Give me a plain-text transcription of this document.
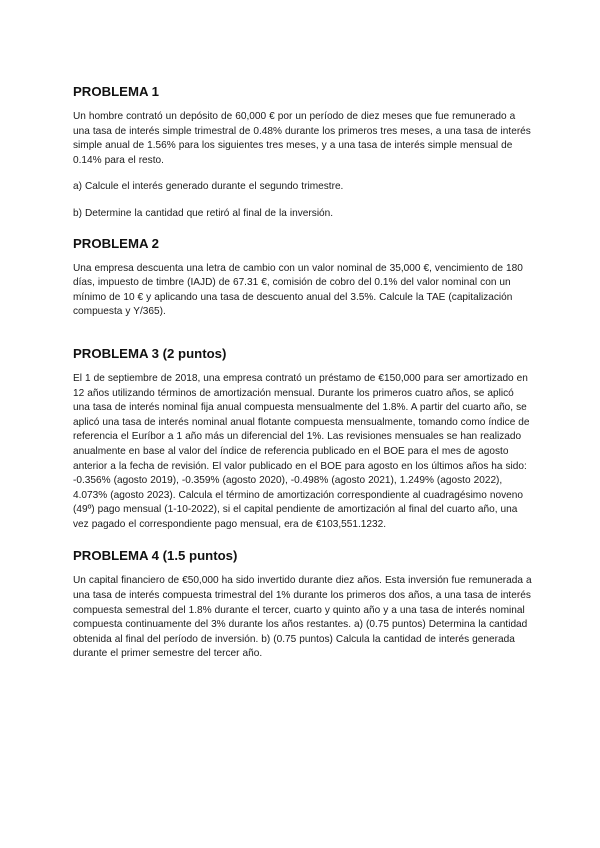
PROBLEMA 1

Un hombre contrató un depósito de 60,000 € por un período de diez meses que fue remunerado a una tasa de interés simple trimestral de 0.48% durante los primeros tres meses, a una tasa de interés simple anual de 1.56% para los siguientes tres meses, y a una tasa de interés simple mensual de 0.14% para el resto.

a) Calcule el interés generado durante el segundo trimestre.

b) Determine la cantidad que retiró al final de la inversión.

PROBLEMA 2

Una empresa descuenta una letra de cambio con un valor nominal de 35,000 €, vencimiento de 180 días, impuesto de timbre (IAJD) de 67.31 €, comisión de cobro del 0.1% del valor nominal con un mínimo de 10 € y aplicando una tasa de descuento anual del 3.5%. Calcule la TAE (capitalización compuesta y Y/365).

PROBLEMA 3 (2 puntos)

El 1 de septiembre de 2018, una empresa contrató un préstamo de €150,000 para ser amortizado en 12 años utilizando términos de amortización mensual. Durante los primeros cuatro años, se aplicó una tasa de interés nominal fija anual compuesta mensualmente del 1.8%. A partir del cuarto año, se aplicó una tasa de interés nominal anual flotante compuesta mensualmente, tomando como índice de referencia el Euríbor a 1 año más un diferencial del 1%. Las revisiones mensuales se han realizado anualmente en base al valor del índice de referencia publicado en el BOE para el mes de agosto anterior a la fecha de revisión. El valor publicado en el BOE para agosto en los últimos años ha sido: -0.356% (agosto 2019), -0.359% (agosto 2020), -0.498% (agosto 2021), 1.249% (agosto 2022), 4.073% (agosto 2023). Calcula el término de amortización correspondiente al cuadragésimo noveno (49º) pago mensual (1-10-2022), si el capital pendiente de amortización al final del cuarto año, una vez pagado el correspondiente pago mensual, era de €103,551.1232.

PROBLEMA 4 (1.5 puntos)

Un capital financiero de €50,000 ha sido invertido durante diez años. Esta inversión fue remunerada a una tasa de interés compuesta trimestral del 1% durante los primeros dos años, a una tasa de interés compuesta semestral del 1.8% durante el tercer, cuarto y quinto año y a una tasa de interés nominal compuesta continuamente del 3% durante los años restantes. a) (0.75 puntos) Determina la cantidad obtenida al final del período de inversión. b) (0.75 puntos) Calcula la cantidad de interés generada durante el primer semestre del tercer año.
